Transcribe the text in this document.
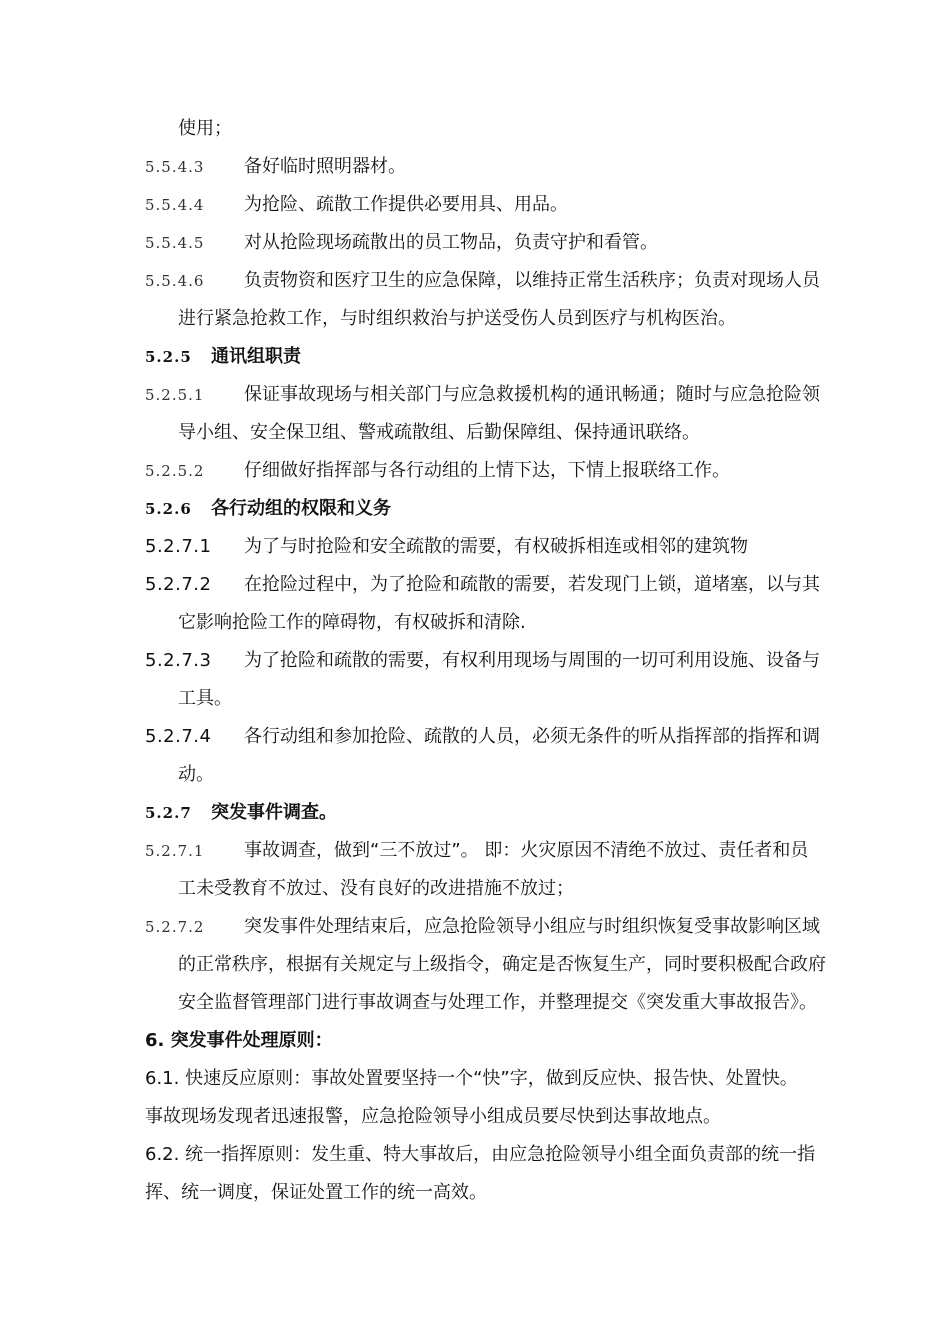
使用；
5.5.4.3 备好临时照明器材。
5.5.4.4 为抢险、疏散工作提供必要用具、用品。
5.5.4.5 对从抢险现场疏散出的员工物品，负责守护和看管。
5.5.4.6 负责物资和医疗卫生的应急保障，以维持正常生活秩序；负责对现场人员
进行紧急抢救工作，与时组织救治与护送受伤人员到医疗与机构医治。
5.2.5 通讯组职责
5.2.5.1 保证事故现场与相关部门与应急救援机构的通讯畅通；随时与应急抢险领
导小组、安全保卫组、警戒疏散组、后勤保障组、保持通讯联络。
5.2.5.2 仔细做好指挥部与各行动组的上情下达，下情上报联络工作。
5.2.6 各行动组的权限和义务
5.2.7.1 为了与时抢险和安全疏散的需要，有权破拆相连或相邻的建筑物
5.2.7.2 在抢险过程中，为了抢险和疏散的需要，若发现门上锁，道堵塞，以与其
它影响抢险工作的障碍物，有权破拆和清除.
5.2.7.3 为了抢险和疏散的需要，有权利用现场与周围的一切可利用设施、设备与
工具。
5.2.7.4 各行动组和参加抢险、疏散的人员，必须无条件的听从指挥部的指挥和调
动。
5.2.7 突发事件调查。
5.2.7.1 事故调查，做到“三不放过”。 即：火灾原因不清绝不放过、责任者和员
工未受教育不放过、没有良好的改进措施不放过；
5.2.7.2 突发事件处理结束后，应急抢险领导小组应与时组织恢复受事故影响区域
的正常秩序，根据有关规定与上级指令，确定是否恢复生产，同时要积极配合政府
安全监督管理部门进行事故调查与处理工作，并整理提交《突发重大事故报告》。
6. 突发事件处理原则：
6.1. 快速反应原则：事故处置要坚持一个“快”字，做到反应快、报告快、处置快。
事故现场发现者迅速报警，应急抢险领导小组成员要尽快到达事故地点。
6.2. 统一指挥原则：发生重、特大事故后，由应急抢险领导小组全面负责部的统一指
挥、统一调度，保证处置工作的统一高效。
